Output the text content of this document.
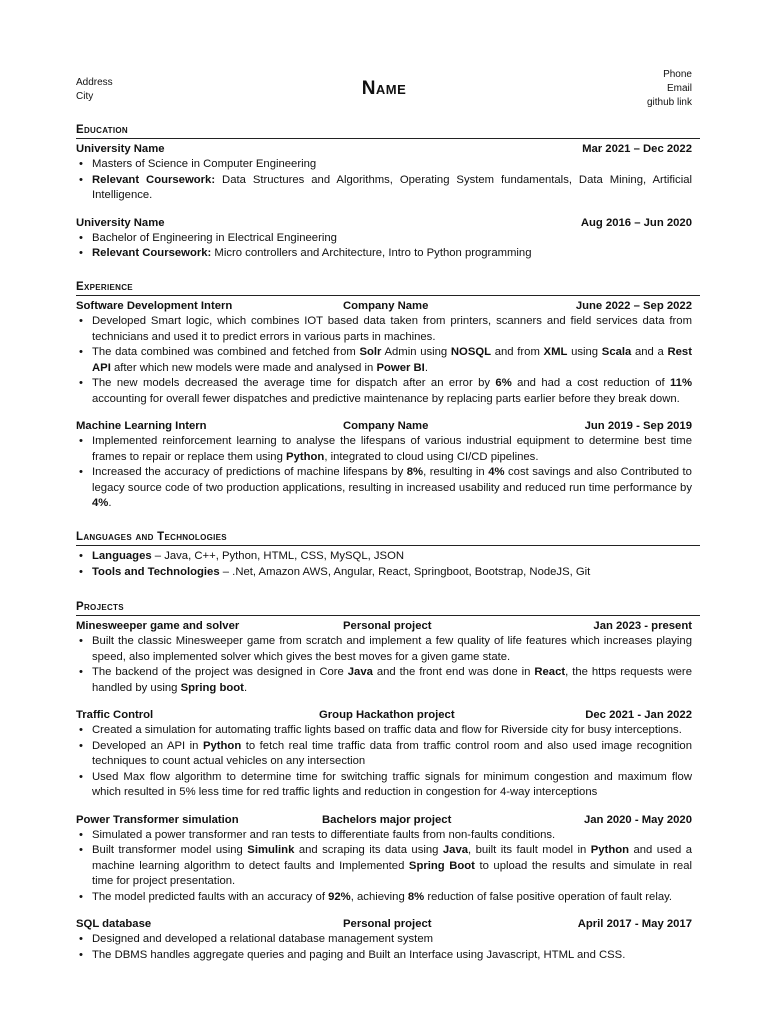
Address
City	Name
Phone
Email
github link
Education
University Name	Mar 2021 – Dec 2022
• Masters of Science in Computer Engineering
• Relevant Coursework: Data Structures and Algorithms, Operating System fundamentals, Data Mining, Artificial Intelligence.
University Name	Aug 2016 – Jun 2020
• Bachelor of Engineering in Electrical Engineering
• Relevant Coursework: Micro controllers and Architecture, Intro to Python programming
Experience
Software Development Intern	Company Name	June 2022 – Sep 2022
• Developed Smart logic, which combines IOT based data taken from printers, scanners and field services data from technicians and used it to predict errors in various parts in machines.
• The data combined was combined and fetched from Solr Admin using NOSQL and from XML using Scala and a Rest API after which new models were made and analysed in Power BI.
• The new models decreased the average time for dispatch after an error by 6% and had a cost reduction of 11% accounting for overall fewer dispatches and predictive maintenance by replacing parts earlier before they break down.
Machine Learning Intern	Company Name	Jun 2019 - Sep 2019
• Implemented reinforcement learning to analyse the lifespans of various industrial equipment to determine best time frames to repair or replace them using Python, integrated to cloud using CI/CD pipelines.
• Increased the accuracy of predictions of machine lifespans by 8%, resulting in 4% cost savings and also Contributed to legacy source code of two production applications, resulting in increased usability and reduced run time performance by 4%.
Languages and Technologies
• Languages – Java, C++, Python, HTML, CSS, MySQL, JSON
• Tools and Technologies – .Net, Amazon AWS, Angular, React, Springboot, Bootstrap, NodeJS, Git
Projects
Minesweeper game and solver	Personal project	Jan 2023 - present
• Built the classic Minesweeper game from scratch and implement a few quality of life features which increases playing speed, also implemented solver which gives the best moves for a given game state.
• The backend of the project was designed in Core Java and the front end was done in React, the https requests were handled by using Spring boot.
Traffic Control	Group Hackathon project	Dec 2021 - Jan 2022
• Created a simulation for automating traffic lights based on traffic data and flow for Riverside city for busy interceptions.
• Developed an API in Python to fetch real time traffic data from traffic control room and also used image recognition techniques to count actual vehicles on any intersection
• Used Max flow algorithm to determine time for switching traffic signals for minimum congestion and maximum flow which resulted in 5% less time for red traffic lights and reduction in congestion for 4-way interceptions
Power Transformer simulation	Bachelors major project	Jan 2020 - May 2020
• Simulated a power transformer and ran tests to differentiate faults from non-faults conditions.
• Built transformer model using Simulink and scraping its data using Java, built its fault model in Python and used a machine learning algorithm to detect faults and Implemented Spring Boot to upload the results and simulate in real time for project presentation.
• The model predicted faults with an accuracy of 92%, achieving 8% reduction of false positive operation of fault relay.
SQL database	Personal project	April 2017 - May 2017
• Designed and developed a relational database management system
• The DBMS handles aggregate queries and paging and Built an Interface using Javascript, HTML and CSS.
